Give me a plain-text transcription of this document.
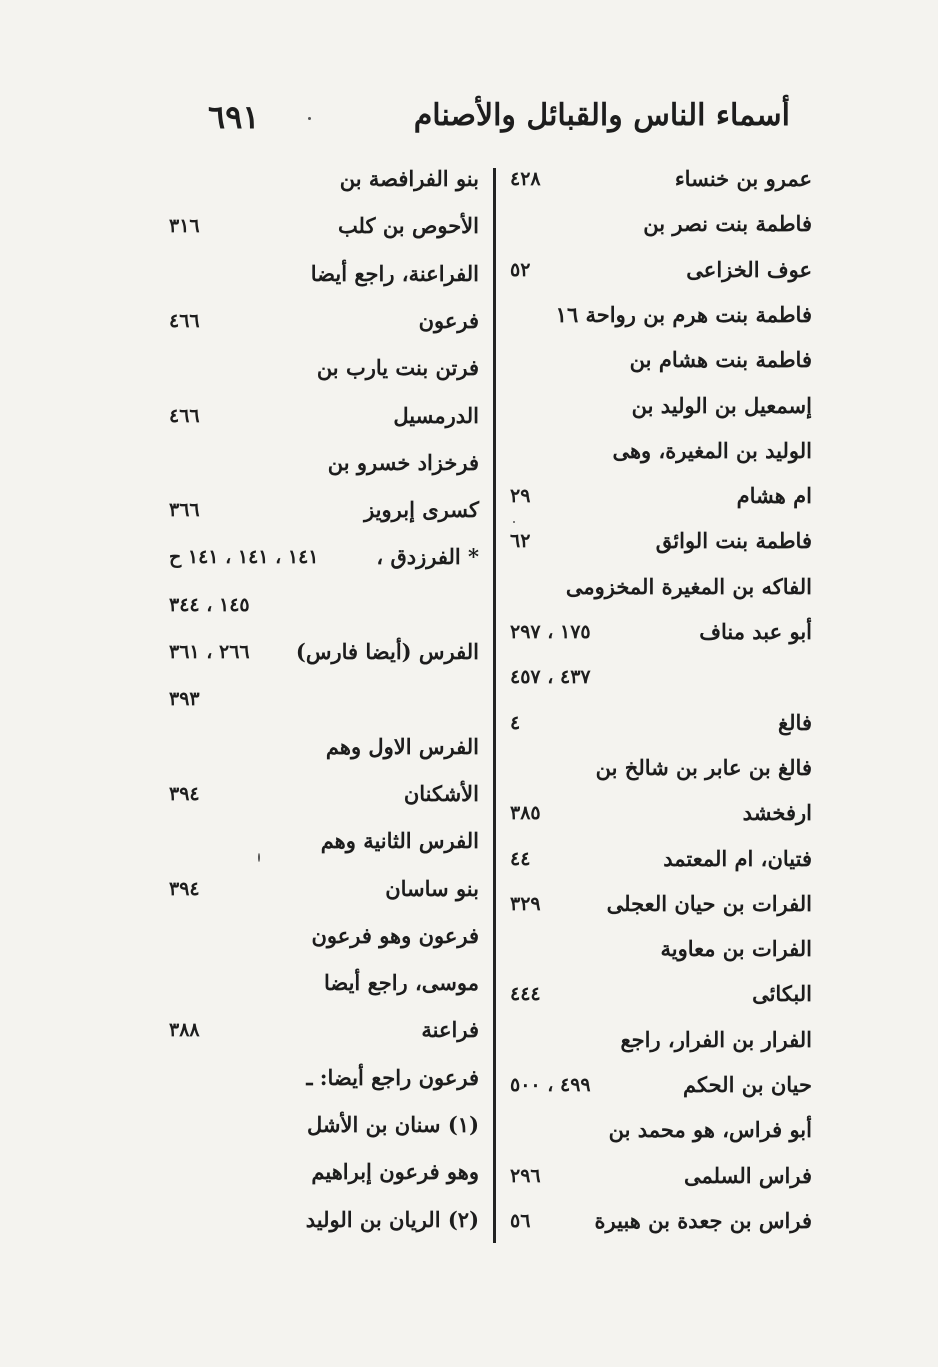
أسماء الناس والقبائل والأصنام
٦٩١
عمرو بن خنساء
٤٢٨
فاطمة بنت نصر بن
عوف الخزاعى
٥٢
فاطمة بنت هرم بن رواحة ١٦
فاطمة بنت هشام بن
إسمعيل بن الوليد بن
الوليد بن المغيرة، وهى
ام هشام
٢٩
فاطمة بنت الوائق
٦٢
الفاكه بن المغيرة المخزومى
أبو عبد مناف
١٧٥ ، ٢٩٧
٤٣٧ ، ٤٥٧
فالغ
٤
فالغ بن عابر بن شالخ بن
ارفخشد
٣٨٥
فتيان، ام المعتمد
٤٤
الفرات بن حيان العجلى
٣٢٩
الفرات بن معاوية
البكائى
٤٤٤
الفرار بن الفرار، راجع
حيان بن الحكم
٤٩٩ ، ٥٠٠
أبو فراس، هو محمد بن
فراس السلمى
٢٩٦
فراس بن جعدة بن هبيرة
٥٦
بنو الفرافصة بن
الأحوص بن كلب
٣١٦
الفراعنة، راجع أيضا
فرعون
٤٦٦
فرتن بنت يارب بن
الدرمسيل
٤٦٦
فرخزاد خسرو بن
كسرى إبرويز
٣٦٦
* الفرزدق ،
١٤١ ، ١٤١ ، ١٤١ ح
١٤٥ ، ٣٤٤
الفرس (أيضا فارس)
٢٦٦ ، ٣٦١
٣٩٣
الفرس الاول وهم
الأشكنان
٣٩٤
الفرس الثانية وهم
بنو ساسان
٣٩٤
فرعون وهو فرعون
موسى، راجع أيضا
فراعنة
٣٨٨
فرعون راجع أيضا: ـ
(١) سنان بن الأشل
وهو فرعون إبراهيم
(٢) الريان بن الوليد
